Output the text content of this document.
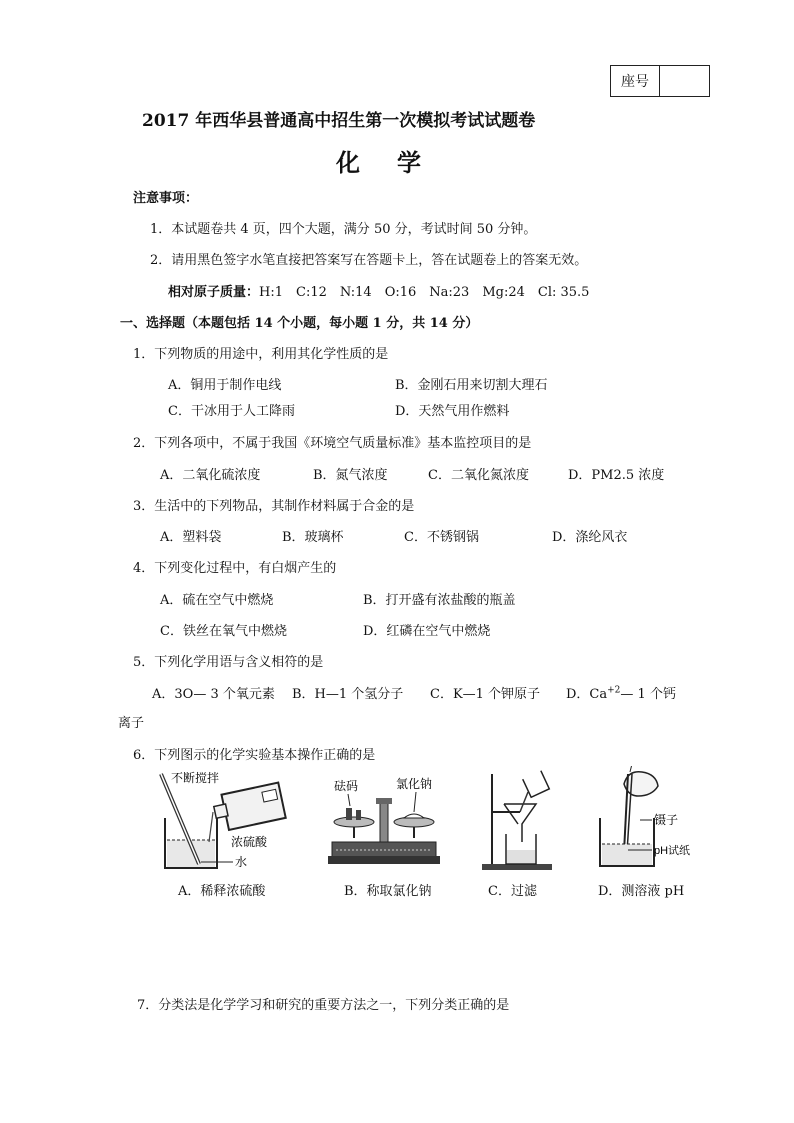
座号
2017 年西华县普通高中招生第一次模拟考试试题卷
化 学
注意事项：
1．本试题卷共 4 页，四个大题，满分 50 分，考试时间 50 分钟。
2．请用黑色签字水笔直接把答案写在答题卡上，答在试题卷上的答案无效。
相对原子质量：H:1　C:12　N:14　O:16　Na:23　Mg:24　Cl: 35.5
一、选择题（本题包括 14 个小题，每小题 1 分，共 14 分）
1．下列物质的用途中，利用其化学性质的是
A．铜用于制作电线	B．金刚石用来切割大理石
C．干冰用于人工降雨	D．天然气用作燃料
2．下列各项中，不属于我国《环境空气质量标准》基本监控项目的是
A．二氧化硫浓度	B．氮气浓度	C．二氧化氮浓度	D．PM2.5 浓度
3．生活中的下列物品，其制作材料属于合金的是
A．塑料袋	B．玻璃杯	C．不锈钢锅	D．涤纶风衣
4．下列变化过程中，有白烟产生的
A．硫在空气中燃烧	B．打开盛有浓盐酸的瓶盖
C．铁丝在氧气中燃烧	D．红磷在空气中燃烧
5．下列化学用语与含义相符的是
A．3O— 3 个氧元素 B．H—1 个氢分子 C．K—1 个钾原子 D．$Ca^{+2}—$ 1 个钙
离子
6．下列图示的化学实验基本操作正确的是
不断搅拌
浓硫酸
水
A．稀释浓硫酸
砝码	氯化钠
B．称取氯化钠	C．过滤
镊子
pH试纸
D．测溶液 pH
7．分类法是化学学习和研究的重要方法之一，下列分类正确的是
